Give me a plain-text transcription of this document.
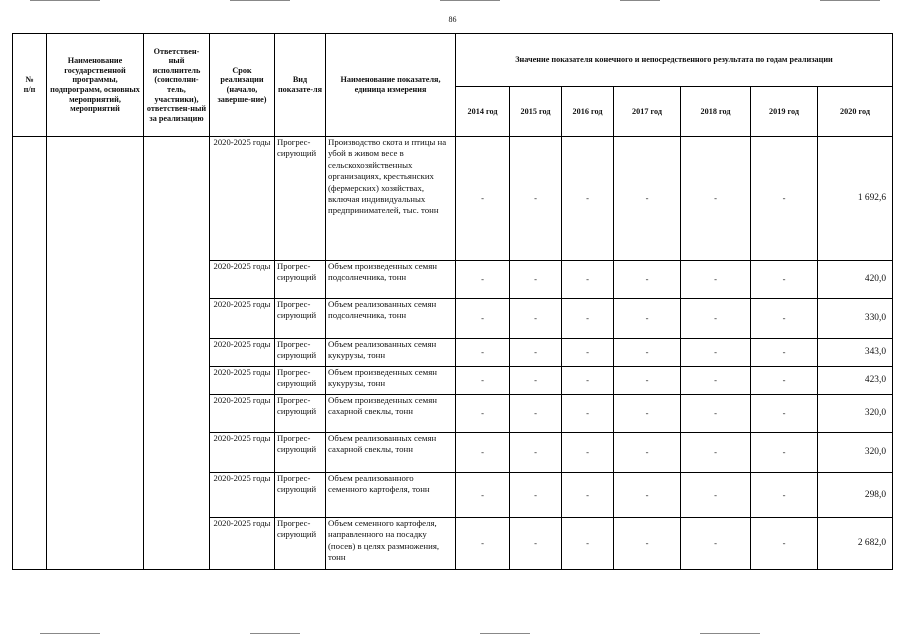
86
№
п/п	Наименование государственной программы, подпрограмм, основных мероприятий, мероприятий	Ответствен-ный исполнитель (соисполни-тель, участники), ответствен-ный за реализацию	Срок реализации (начало, заверше-ние)	Вид показате-ля	Наименование показателя, единица измерения	Значение показателя конечного и непосредственного результата по годам реализации						
						2014 год	2015 год	2016 год	2017 год	2018 год	2019 год	2020 год
			2020-2025 годы	Прогрес-сирующий	Производство скота и птицы на убой в живом весе в сельскохозяйственных организациях, крестьянских (фермерских) хозяйствах, включая индивидуальных предпринимателей, тыс. тонн	-	-	-	-	-	-	1 692,6
			2020-2025 годы	Прогрес-сирующий	Объем произведенных семян подсолнечника, тонн	-	-	-	-	-	-	420,0
			2020-2025 годы	Прогрес-сирующий	Объем реализованных семян подсолнечника, тонн	-	-	-	-	-	-	330,0
			2020-2025 годы	Прогрес-сирующий	Объем реализованных семян кукурузы, тонн	-	-	-	-	-	-	343,0
			2020-2025 годы	Прогрес-сирующий	Объем произведенных семян кукурузы, тонн	-	-	-	-	-	-	423,0
			2020-2025 годы	Прогрес-сирующий	Объем произведенных семян сахарной свеклы, тонн	-	-	-	-	-	-	320,0
			2020-2025 годы	Прогрес-сирующий	Объем реализованных семян сахарной свеклы, тонн	-	-	-	-	-	-	320,0
			2020-2025 годы	Прогрес-сирующий	Объем реализованного семенного картофеля, тонн	-	-	-	-	-	-	298,0
			2020-2025 годы	Прогрес-сирующий	Объем семенного картофеля, направленного на посадку (посев) в целях размножения, тонн	-	-	-	-	-	-	2 682,0
